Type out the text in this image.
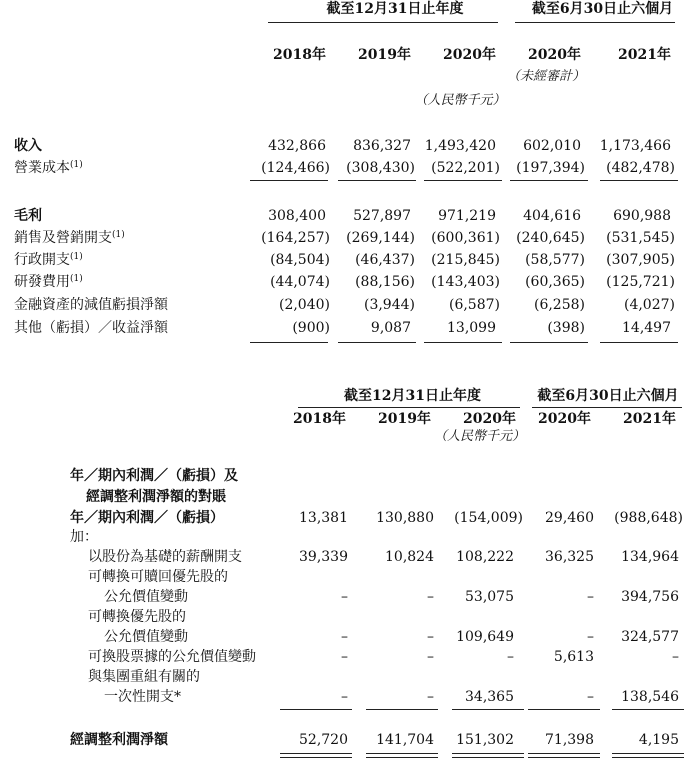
截至12月31日止年度	截至6月30日止六個月
2018年	2019年	2020年	2020年	2021年
（未經審計）
（人民幣千元）
收入	432,866	836,327 1,493,420	602,010	1,173,466
營業成本$^{(1)}$	(124,466)	(308,430)	(522,201)	(197,394)	(482,478)
毛利	308,400	527,897	971,219	404,616	690,988
銷售及營銷開支$^{(1)}$	(164,257)	(269,144)	(600,361)	(240,645)	(531,545)
行政開支$^{(1)}$	(84,504)	(46,437)	(215,845)	(58,577)	(307,905)
研發費用$^{(1)}$	(44,074)	(88,156)	(143,403)	(60,365)	(125,721)
金融資產的減值虧損淨額	(2,040)	(3,944)	(6,587)	(6,258)	(4,027)
其他（虧損）／收益淨額	(900)	9,087	13,099	(398)	14,497
截至12月31日止年度	截至6月30日止六個月
2018年	2019年	2020年	2020年	2021年
（人民幣千元）
年／期內利潤／（虧損）及
經調整利潤淨額的對賬
年／期內利潤／（虧損）	13,381	130,880	(154,009)	29,460	(988,648)
加：
以股份為基礎的薪酬開支	39,339	10,824	108,222	36,325	134,964
可轉換可贖回優先股的
公允價值變動	–	–	53,075	–	394,756
可轉換優先股的
公允價值變動	–	–	109,649	–	324,577
可換股票據的公允價值變動	–	–	–	5,613	–
與集團重組有關的
一次性開支*	–	–	34,365	–	138,546
經調整利潤淨額	52,720	141,704	151,302	71,398	4,195
